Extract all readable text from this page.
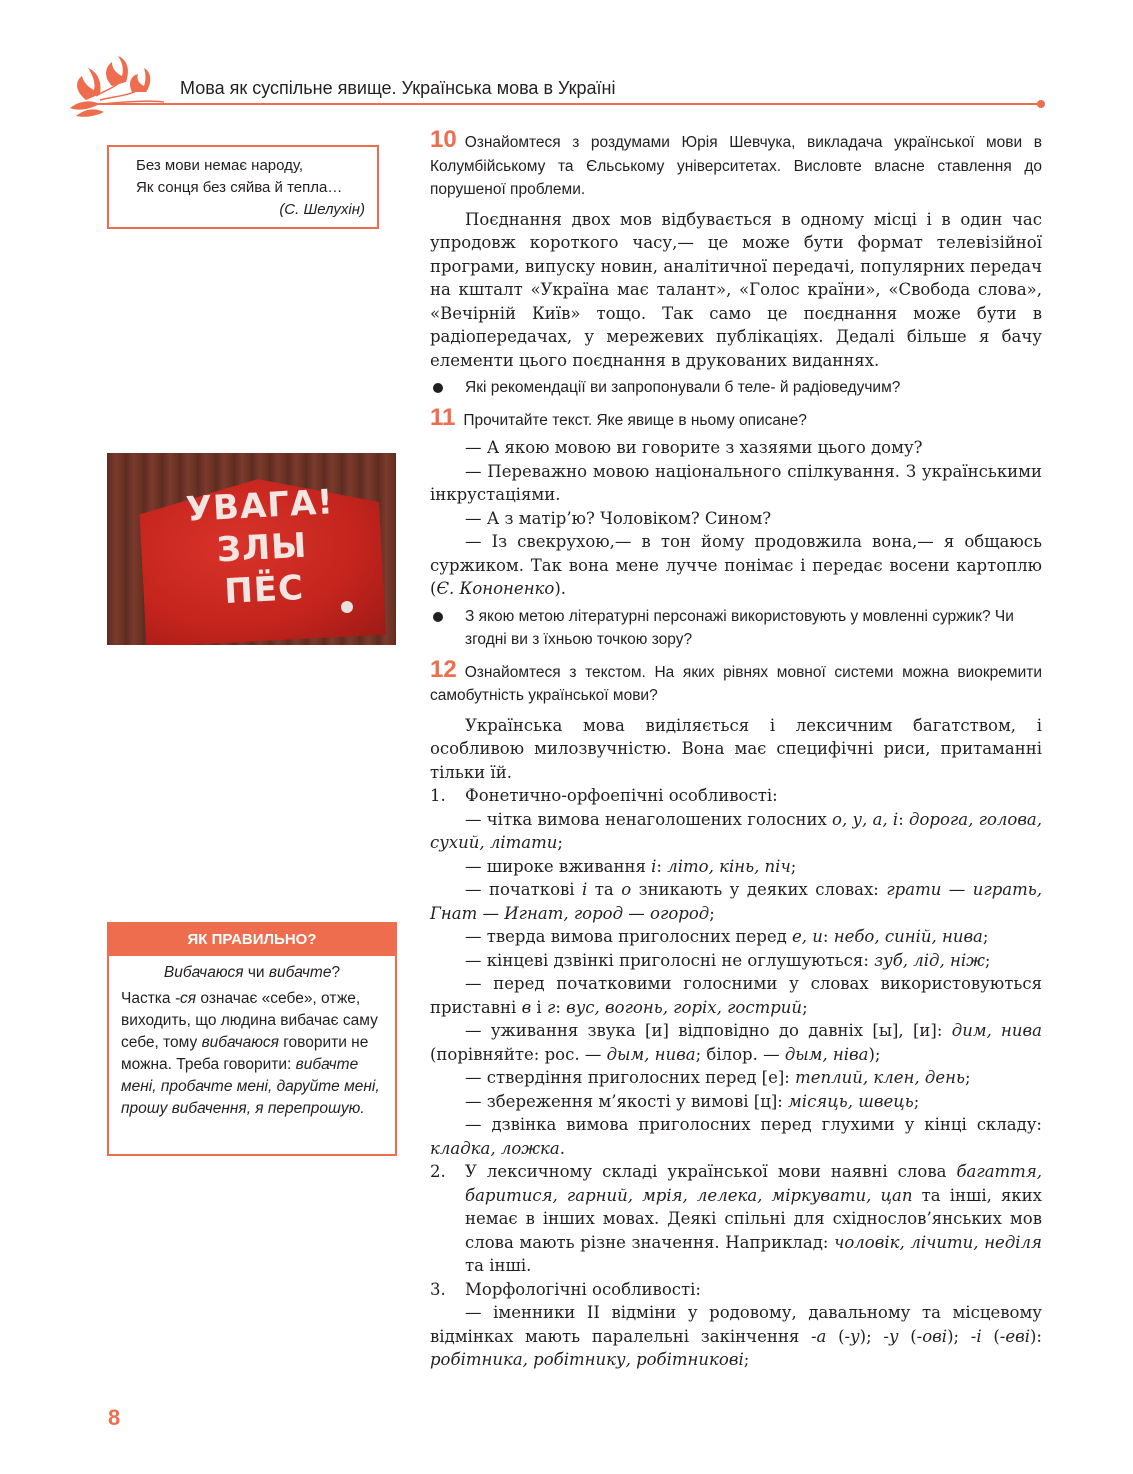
Мова як суспільне явище. Українська мова в Україні
Без мови немає народу,
Як сонця без сяйва й тепла…
(С. Шелухін)
УВАГА!
ЗЛЫ
ПЁС
ЯК ПРАВИЛЬНО?
Вибачаюся чи вибачте?

Частка -ся означає «себе», отже, виходить, що людина вибачає саму себе, тому вибачаюся говорити не можна. Треба говорити: вибачте мені, пробачте мені, даруйте мені, прошу вибачення, я перепрошую.

8

10 Ознайомтеся з роздумами Юрія Шевчука, викладача української мови в Колумбійському та Єльському університетах. Висловте власне ставлення до порушеної проблеми.

Поєднання двох мов відбувається в одному місці і в один час упродовж короткого часу,— це може бути формат телевізійної програми, випуску новин, аналітичної передачі, популярних передач на кшталт «Україна має талант», «Голос країни», «Свобода слова», «Вечірній Київ» тощо. Так само це поєднання може бути в радіопередачах, у мережевих публікаціях. Дедалі більше я бачу елементи цього поєднання в друкованих виданнях.

Які рекомендації ви запропонували б теле- й радіоведучим?

11 Прочитайте текст. Яке явище в ньому описане?

— А якою мовою ви говорите з хазяями цього дому?

— Переважно мовою національного спілкування. З українськими інкрустаціями.

— А з матір’ю? Чоловіком? Сином?

— Із свекрухою,— в тон йому продовжила вона,— я общаюсь суржиком. Так вона мене лучче понімає і передає восени картоплю (Є. Кононенко).

З якою метою літературні персонажі використовують у мовленні суржик? Чи згодні ви з їхньою точкою зору?

12 Ознайомтеся з текстом. На яких рівнях мовної системи можна виокремити самобутність української мови?

Українська мова виділяється і лексичним багатством, і особливою милозвучністю. Вона має специфічні риси, притаманні тільки їй.

1. Фонетично-орфоепічні особливості:

— чітка вимова ненаголошених голосних о, у, а, і: дорога, голова, сухий, літати;

— широке вживання і: літо, кінь, піч;

— початкові і та о зникають у деяких словах: грати — играть, Гнат — Игнат, город — огород;

— тверда вимова приголосних перед е, и: небо, синій, нива;

— кінцеві дзвінкі приголосні не оглушуються: зуб, лід, ніж;

— перед початковими голосними у словах використовуються приставні в і г: вус, вогонь, горіх, гострий;

— уживання звука [и] відповідно до давніх [ы], [и]: дим, нива (порівняйте: рос. — дым, нива; білор. — дым, ніва);

— ствердіння приголосних перед [е]: теплий, клен, день;

— збереження м’якості у вимові [ц]: місяць, швець;

— дзвінка вимова приголосних перед глухими у кінці складу: кладка, ложка.

2. У лексичному складі української мови наявні слова багаття, баритися, гарний, мрія, лелека, міркувати, цап та інші, яких немає в інших мовах. Деякі спільні для східнослов’янських мов слова мають різне значення. Наприклад: чоловік, лічити, неділя та інші.
3. Морфологічні особливості:

— іменники II відміни у родовому, давальному та місцевому відмінках мають паралельні закінчення -а (-у); -у (-ові); -і (-еві): робітника, робітнику, робітникові;
